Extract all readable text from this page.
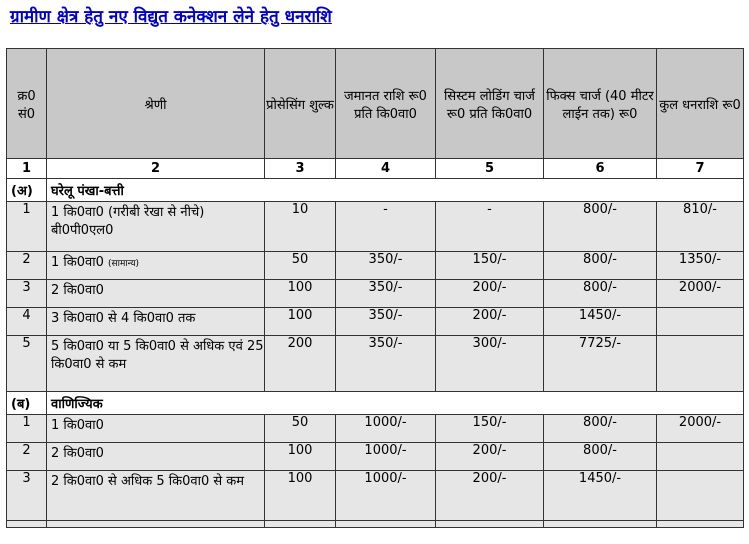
ग्रामीण क्षेत्र हेतु नए विद्युत कनेक्शन लेने हेतु धनराशि
क्र0 सं0	श्रेणी	प्रोसेसिंग शुल्क	जमानत राशि रू0 प्रति कि0वा0	सिस्टम लोडिंग चार्ज रू0 प्रति कि0वा0	फिक्स चार्ज (40 मीटर लाईन तक) रू0	कुल धनराशि रू0
1	2	3	4	5	6	7
(अ)	घरेलू पंखा-बत्ती					
1	1 कि0वा0 (गरीबी रेखा से नीचे) बी0पी0एल0	10	-	-	800/-	810/-
2	1 कि0वा0 (सामान्य)	50	350/-	150/-	800/-	1350/-
3	2 कि0वा0	100	350/-	200/-	800/-	2000/-
4	3 कि0वा0 से 4 कि0वा0 तक	100	350/-	200/-	1450/-	
5	5 कि0वा0 या 5 कि0वा0 से अधिक एवं 25 कि0वा0 से कम	200	350/-	300/-	7725/-	
(ब)	वाणिज्यिक					
1	1 कि0वा0	50	1000/-	150/-	800/-	2000/-
2	2 कि0वा0	100	1000/-	200/-	800/-	
3	2 कि0वा0 से अधिक 5 कि0वा0 से कम	100	1000/-	200/-	1450/-	
